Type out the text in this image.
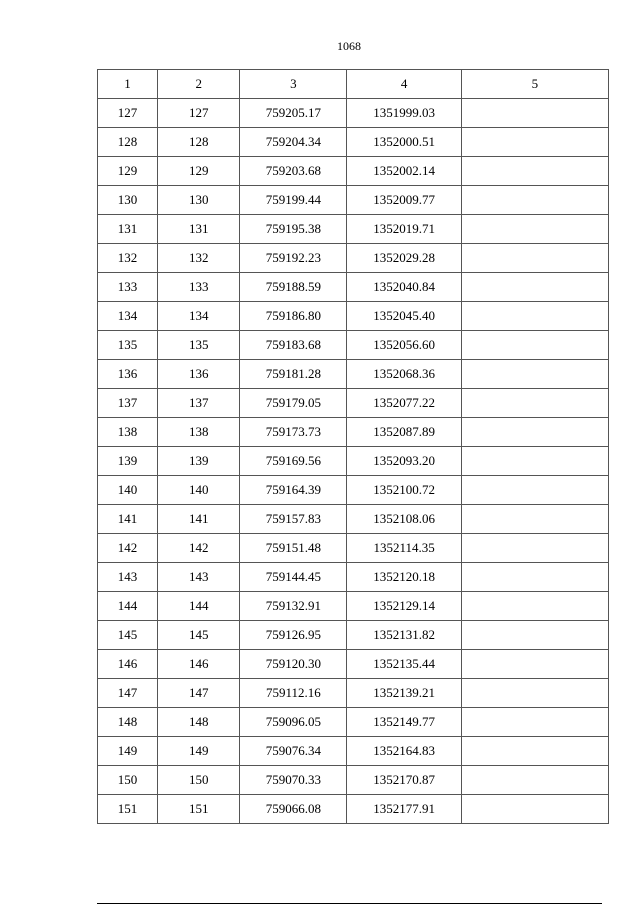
1068
1	2	3	4	5
127	127	759205.17	1351999.03	
128	128	759204.34	1352000.51	
129	129	759203.68	1352002.14	
130	130	759199.44	1352009.77	
131	131	759195.38	1352019.71	
132	132	759192.23	1352029.28	
133	133	759188.59	1352040.84	
134	134	759186.80	1352045.40	
135	135	759183.68	1352056.60	
136	136	759181.28	1352068.36	
137	137	759179.05	1352077.22	
138	138	759173.73	1352087.89	
139	139	759169.56	1352093.20	
140	140	759164.39	1352100.72	
141	141	759157.83	1352108.06	
142	142	759151.48	1352114.35	
143	143	759144.45	1352120.18	
144	144	759132.91	1352129.14	
145	145	759126.95	1352131.82	
146	146	759120.30	1352135.44	
147	147	759112.16	1352139.21	
148	148	759096.05	1352149.77	
149	149	759076.34	1352164.83	
150	150	759070.33	1352170.87	
151	151	759066.08	1352177.91	
